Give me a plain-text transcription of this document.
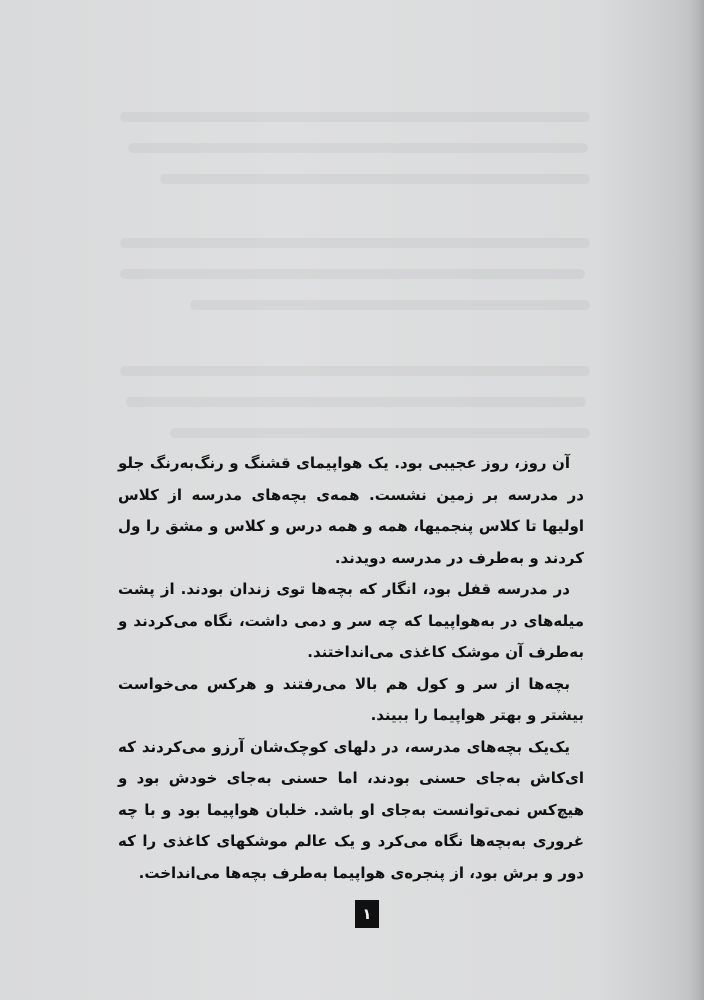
آن روز، روز عجیبی بود. یک هواپیمای قشنگ و رنگ‌به‌رنگ جلو در مدرسه بر زمین نشست. همه‌ی بچه‌های مدرسه از کلاس اولیها تا کلاس پنجمیها، همه و همه درس و کلاس و مشق را ول کردند و به‌طرف در مدرسه دویدند.

در مدرسه قفل بود، انگار که بچه‌ها توی زندان بودند. از پشت میله‌های در به‌هواپیما که چه سر و دمی داشت، نگاه می‌کردند و به‌طرف آن موشک کاغذی می‌انداختند.

بچه‌ها از سر و کول هم بالا می‌رفتند و هرکس می‌خواست بیشتر و بهتر هواپیما را ببیند.

یک‌یک بچه‌های مدرسه، در دلهای کوچک‌شان آرزو می‌کردند که ای‌کاش به‌جای حسنی بودند، اما حسنی به‌جای خودش بود و هیچ‌کس نمی‌توانست به‌جای او باشد. خلبان هواپیما بود و با چه غروری به‌بچه‌ها نگاه می‌کرد و یک عالم موشکهای کاغذی را که دور و برش بود، از پنجره‌ی هواپیما به‌طرف بچه‌ها می‌انداخت.

١
